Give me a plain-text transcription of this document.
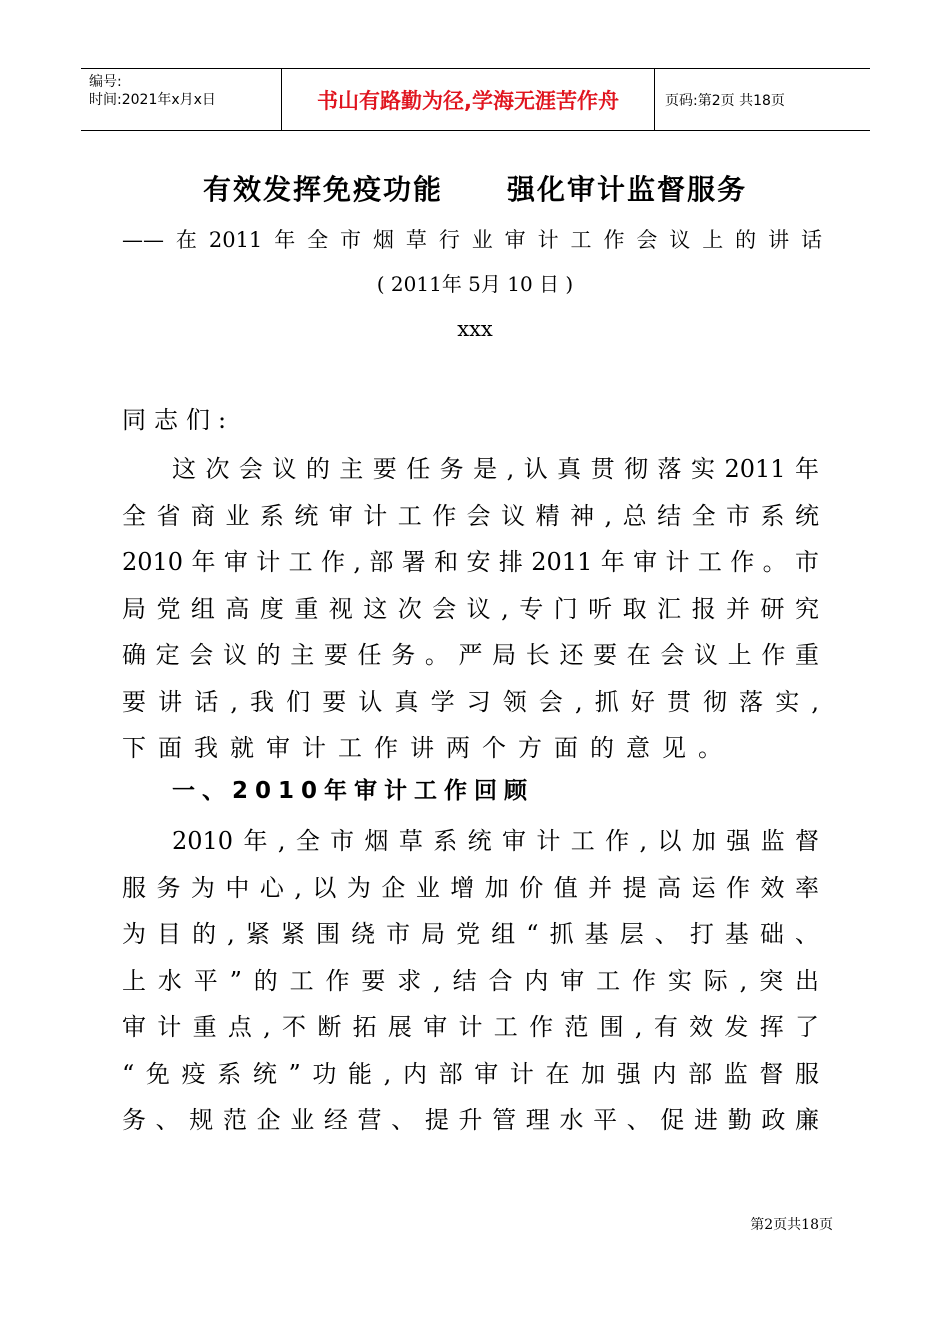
编号:
时间:2021年x月x日	书山有路勤为径,学海无涯苦作舟	页码:第2页 共18页
有效发挥免疫功能 强化审计监督服务
——在2011年全市烟草行业审计工作会议上的讲话
( 2011年 5月 10 日 )
xxx
同志们:
这次会议的主要任务是,认真贯彻落实2011年
全省商业系统审计工作会议精神,总结全市系统
2010年审计工作,部署和安排2011年审计工作。市
局党组高度重视这次会议,专门听取汇报并研究
确定会议的主要任务。严局长还要在会议上作重
要讲话,我们要认真学习领会,抓好贯彻落实,
下面我就审计工作讲两个方面的意见。
一、2010年审计工作回顾
2010年,全市烟草系统审计工作,以加强监督
服务为中心,以为企业增加价值并提高运作效率
为目的,紧紧围绕市局党组“抓基层、打基础、
上水平”的工作要求,结合内审工作实际,突出
审计重点,不断拓展审计工作范围,有效发挥了
“免疫系统”功能,内部审计在加强内部监督服
务、规范企业经营、提升管理水平、促进勤政廉
第2页共18页
